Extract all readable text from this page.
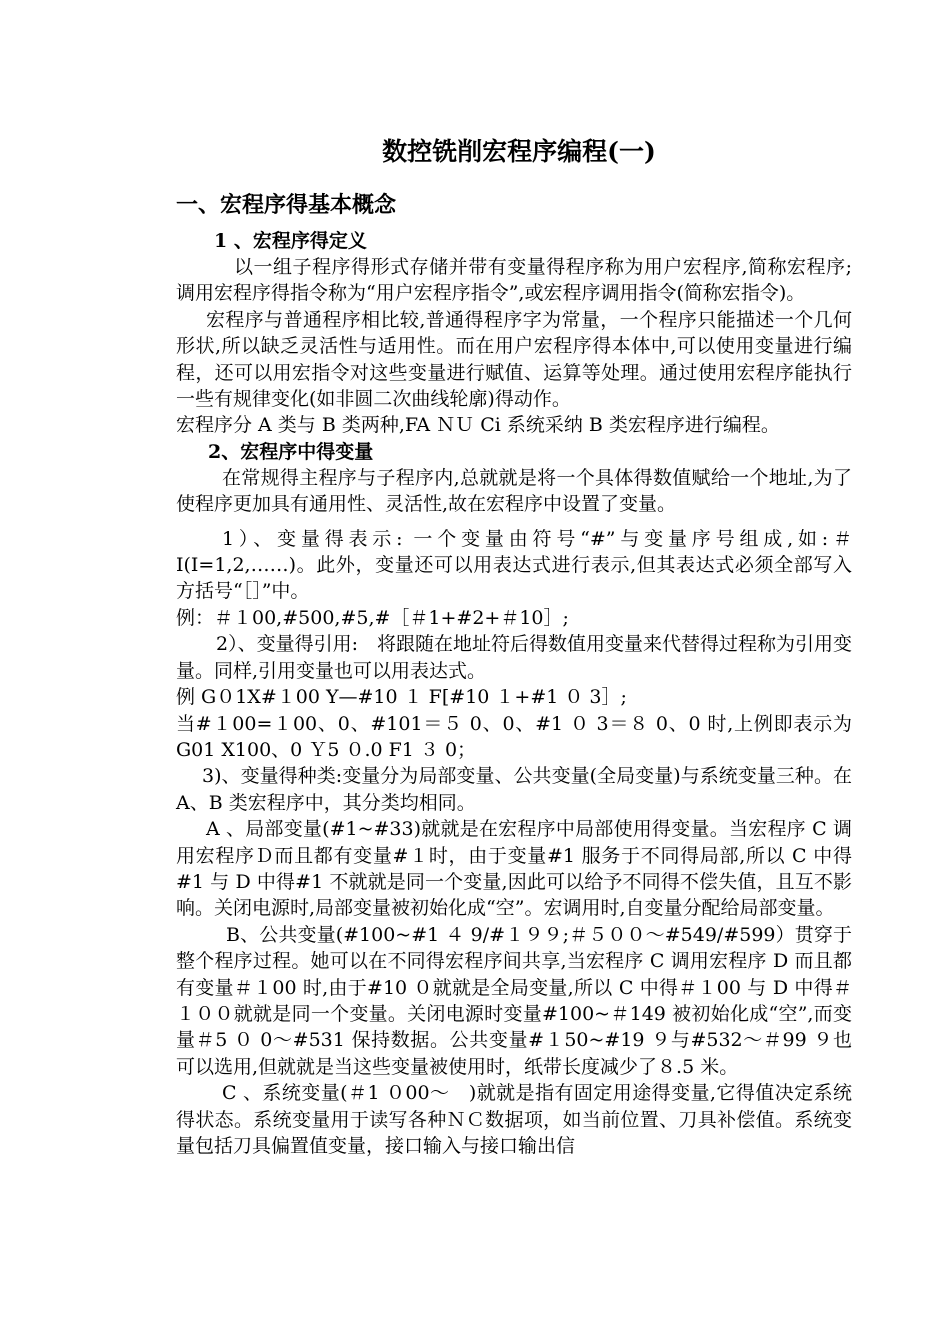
数控铣削宏程序编程(一)
一、宏程序得基本概念
1 、宏程序得定义

以一组子程序得形式存储并带有变量得程序称为用户宏程序,简称宏程序;调用宏程序得指令称为“用户宏程序指令”,或宏程序调用指令(简称宏指令)。

宏程序与普通程序相比较,普通得程序字为常量，一个程序只能描述一个几何形状,所以缺乏灵活性与适用性。而在用户宏程序得本体中,可以使用变量进行编程，还可以用宏指令对这些变量进行赋值、运算等处理。通过使用宏程序能执行一些有规律变化(如非圆二次曲线轮廓)得动作。

宏程序分 A 类与 B 类两种,FA ＮＵ Ci 系统采纳 B 类宏程序进行编程。

2、宏程序中得变量

在常规得主程序与子程序内,总就就是将一个具体得数值赋给一个地址,为了使程序更加具有通用性、灵活性,故在宏程序中设置了变量。

1）、变量得表示: 一个变量由符号“#”与变量序号组成,如:＃I(I=1,2,……)。此外，变量还可以用表达式进行表示,但其表达式必须全部写入方括号“［］”中。

例：＃１00,#500,#5,#［＃1+#2+＃10］;

2）、变量得引用:　将跟随在地址符后得数值用变量来代替得过程称为引用变量。同样,引用变量也可以用表达式。

例 G０1X#１00 Y—#10 １ F[#10 １+#1 ０ 3］;

当#１00=１00、0、#101＝５ 0、0、#1 ０ 3＝８ 0、0 时,上例即表示为 G01 X100、0 Ｙ5 ０.0 F1 ３ 0；

3)、变量得种类:变量分为局部变量、公共变量(全局变量)与系统变量三种。在 A、B 类宏程序中，其分类均相同。

A 、局部变量(#1~#33)就就是在宏程序中局部使用得变量。当宏程序 C 调用宏程序Ｄ而且都有变量#１时，由于变量#1 服务于不同得局部,所以 C 中得#1 与 D 中得#1 不就就是同一个变量,因此可以给予不同得不偿失值，且互不影响。关闭电源时,局部变量被初始化成“空”。宏调用时,自变量分配给局部变量。

B、公共变量(#100~#1 ４ 9/#１９９;＃５００～#549/#599）贯穿于整个程序过程。她可以在不同得宏程序间共享,当宏程序 C 调用宏程序 D 而且都有变量＃１00 时,由于#10 ０就就是全局变量,所以 C 中得＃１00 与 D 中得＃１００就就是同一个变量。关闭电源时变量#100~＃149 被初始化成“空”,而变量＃5 ０ 0～#531 保持数据。公共变量#１50~#19 ９与#532～＃99 ９也可以选用,但就就是当这些变量被使用时，纸带长度减少了８.5 米。

C 、系统变量(＃1 ０00～　)就就是指有固定用途得变量,它得值决定系统得状态。系统变量用于读写各种ＮＣ数据项，如当前位置、刀具补偿值。系统变量包括刀具偏置值变量，接口输入与接口输出信
